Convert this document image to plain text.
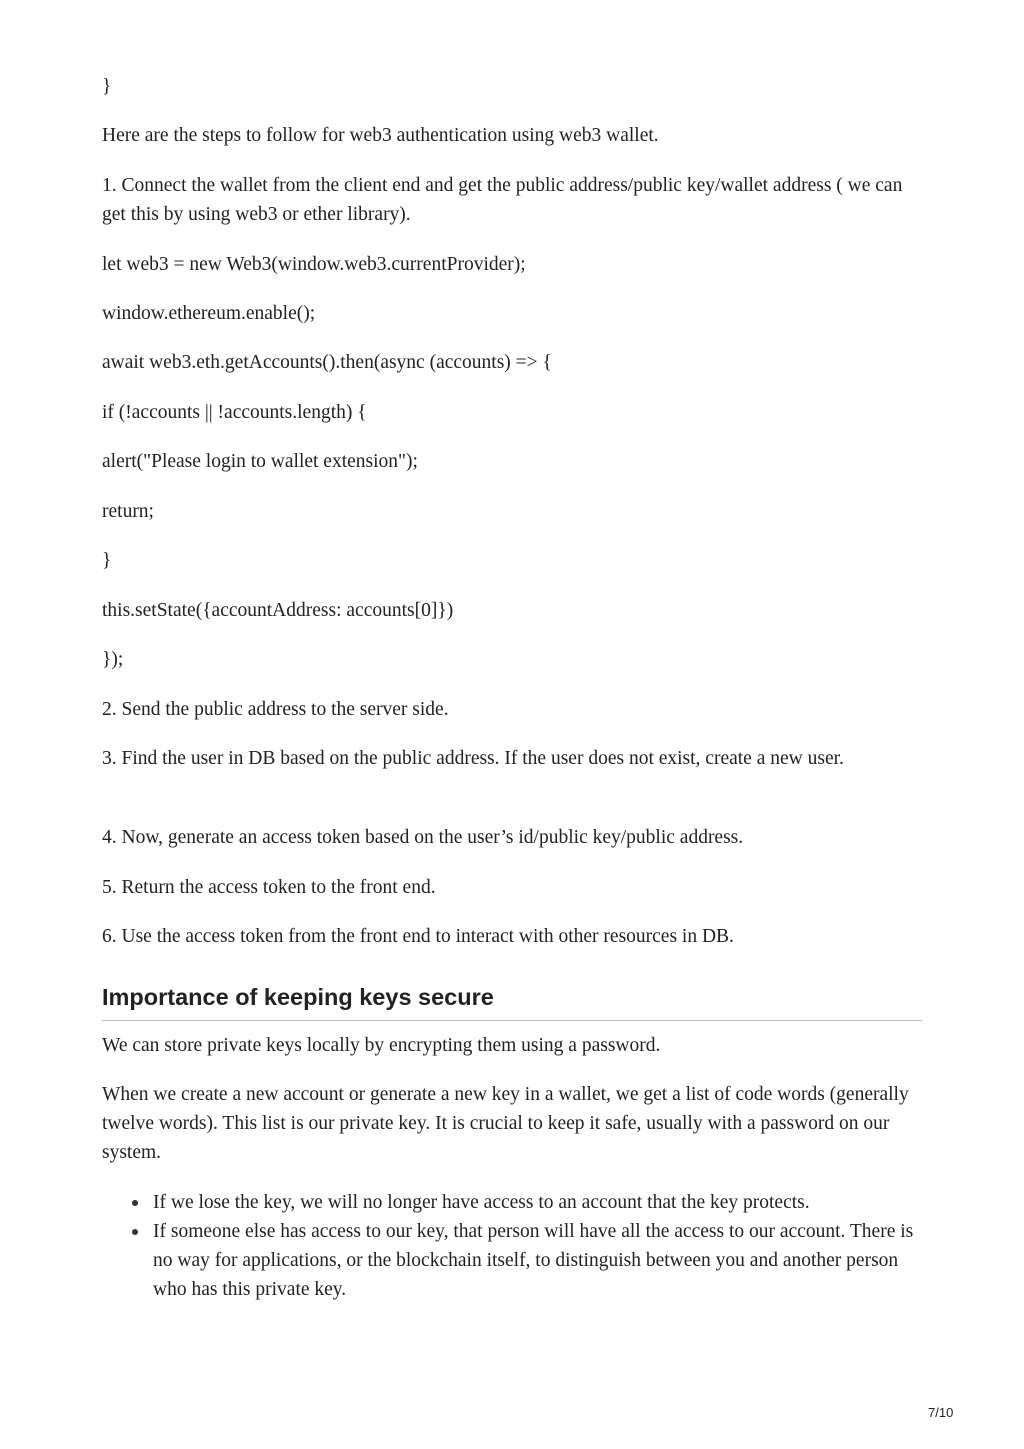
}

Here are the steps to follow for web3 authentication using web3 wallet.

1. Connect the wallet from the client end and get the public address/public key/wallet address ( we can get this by using web3 or ether library).

let web3 = new Web3(window.web3.currentProvider);

window.ethereum.enable();

await web3.eth.getAccounts().then(async (accounts) => {

if (!accounts || !accounts.length) {

alert("Please login to wallet extension");

return;

}

this.setState({accountAddress: accounts[0]})

});

2. Send the public address to the server side.

3. Find the user in DB based on the public address. If the user does not exist, create a new user.

4. Now, generate an access token based on the user’s id/public key/public address.

5. Return the access token to the front end.

6. Use the access token from the front end to interact with other resources in DB.

Importance of keeping keys secure

We can store private keys locally by encrypting them using a password.

When we create a new account or generate a new key in a wallet, we get a list of code words (generally twelve words). This list is our private key. It is crucial to keep it safe, usually with a password on our system.

If we lose the key, we will no longer have access to an account that the key protects.
If someone else has access to our key, that person will have all the access to our account. There is no way for applications, or the blockchain itself, to distinguish between you and another person who has this private key.
7/10
